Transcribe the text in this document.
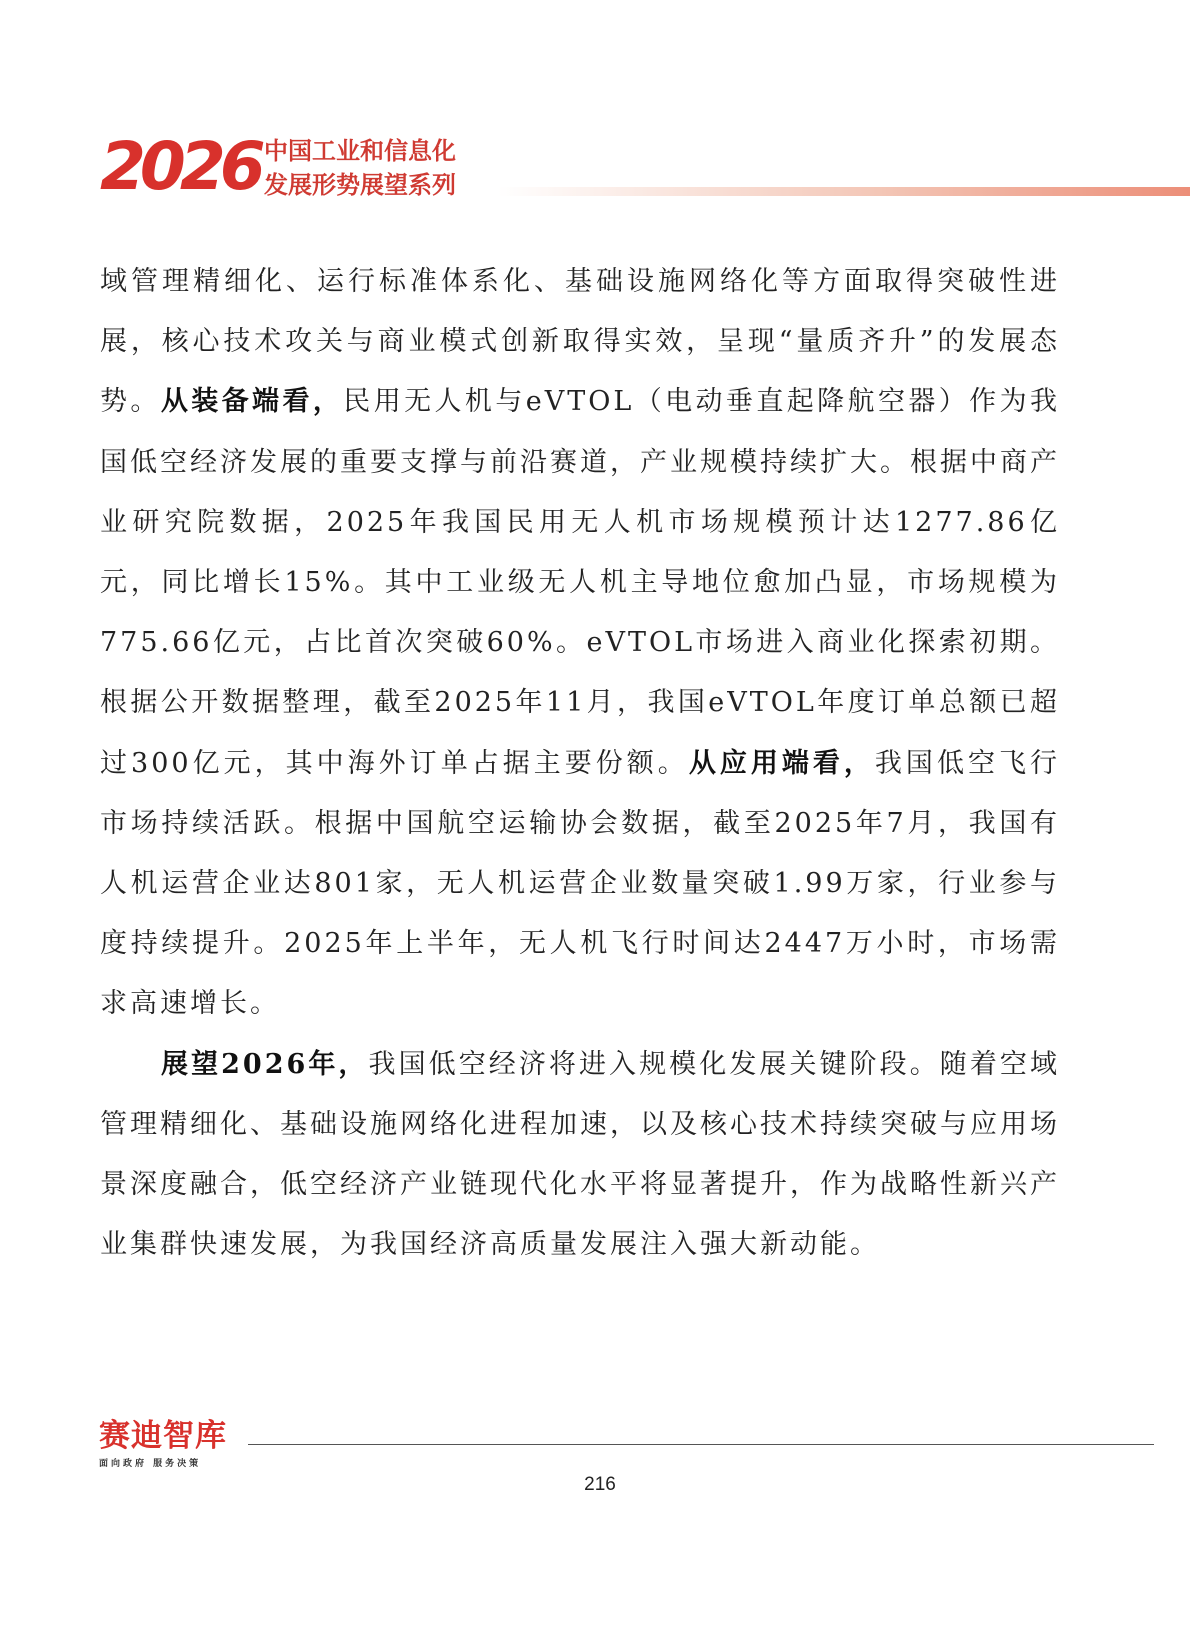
2026 中国工业和信息化
发展形势展望系列

域管理精细化、运行标准体系化、基础设施网络化等方面取得突破性进展，核心技术攻关与商业模式创新取得实效，呈现“量质齐升”的发展态势。从装备端看，民用无人机与eVTOL（电动垂直起降航空器）作为我国低空经济发展的重要支撑与前沿赛道，产业规模持续扩大。根据中商产业研究院数据，2025年我国民用无人机市场规模预计达1277.86亿元，同比增长15%。其中工业级无人机主导地位愈加凸显，市场规模为775.66亿元，占比首次突破60%。eVTOL市场进入商业化探索初期。根据公开数据整理，截至2025年11月，我国eVTOL年度订单总额已超过300亿元，其中海外订单占据主要份额。从应用端看，我国低空飞行市场持续活跃。根据中国航空运输协会数据，截至2025年7月，我国有人机运营企业达801家，无人机运营企业数量突破1.99万家，行业参与度持续提升。2025年上半年，无人机飞行时间达2447万小时，市场需求高速增长。

展望2026年，我国低空经济将进入规模化发展关键阶段。随着空域管理精细化、基础设施网络化进程加速，以及核心技术持续突破与应用场景深度融合，低空经济产业链现代化水平将显著提升，作为战略性新兴产业集群快速发展，为我国经济高质量发展注入强大新动能。

赛迪智库
面向政府 服务决策
216
